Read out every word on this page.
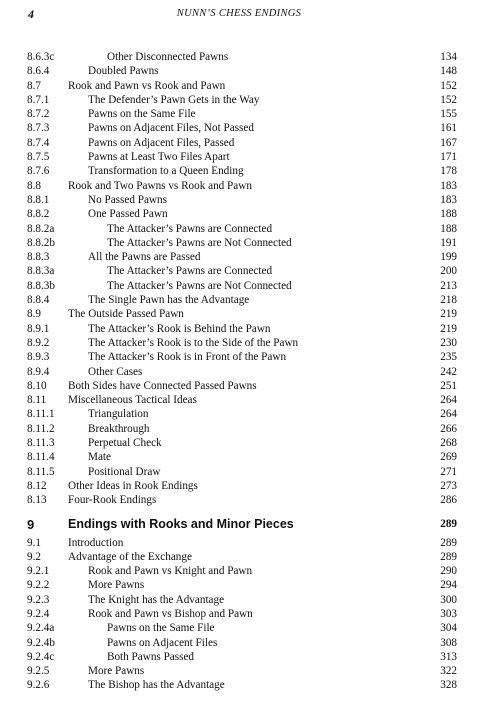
4	NUNN’S CHESS ENDINGS
8.6.3c	Other Disconnected Pawns	134
8.6.4	Doubled Pawns	148
8.7 Rook and Pawn vs Rook and Pawn	152
8.7.1	The Defender’s Pawn Gets in the Way	152
8.7.2	Pawns on the Same File	155
8.7.3	Pawns on Adjacent Files, Not Passed	161
8.7.4	Pawns on Adjacent Files, Passed	167
8.7.5	Pawns at Least Two Files Apart	171
8.7.6	Transformation to a Queen Ending	178
8.8 Rook and Two Pawns vs Rook and Pawn	183
8.8.1	No Passed Pawns	183
8.8.2	One Passed Pawn	188
8.8.2a	The Attacker’s Pawns are Connected	188
8.8.2b	The Attacker’s Pawns are Not Connected	191
8.8.3	All the Pawns are Passed	199
8.8.3a	The Attacker’s Pawns are Connected	200
8.8.3b	The Attacker’s Pawns are Not Connected	213
8.8.4	The Single Pawn has the Advantage	218
8.9 The Outside Passed Pawn	219
8.9.1	The Attacker’s Rook is Behind the Pawn	219
8.9.2	The Attacker’s Rook is to the Side of the Pawn	230
8.9.3	The Attacker’s Rook is in Front of the Pawn	235
8.9.4	Other Cases	242
8.10 Both Sides have Connected Passed Pawns	251
8.11 Miscellaneous Tactical Ideas	264
8.11.1	Triangulation	264
8.11.2	Breakthrough	266
8.11.3	Perpetual Check	268
8.11.4	Mate	269
8.11.5	Positional Draw	271
8.12 Other Ideas in Rook Endings	273
8.13 Four-Rook Endings	286
9	Endings with Rooks and Minor Pieces	289
9.1 Introduction	289
9.2 Advantage of the Exchange	289
9.2.1	Rook and Pawn vs Knight and Pawn	290
9.2.2	More Pawns	294
9.2.3	The Knight has the Advantage	300
9.2.4	Rook and Pawn vs Bishop and Pawn	303
9.2.4a	Pawns on the Same File	304
9.2.4b	Pawns on Adjacent Files	308
9.2.4c	Both Pawns Passed	313
9.2.5	More Pawns	322
9.2.6	The Bishop has the Advantage	328
